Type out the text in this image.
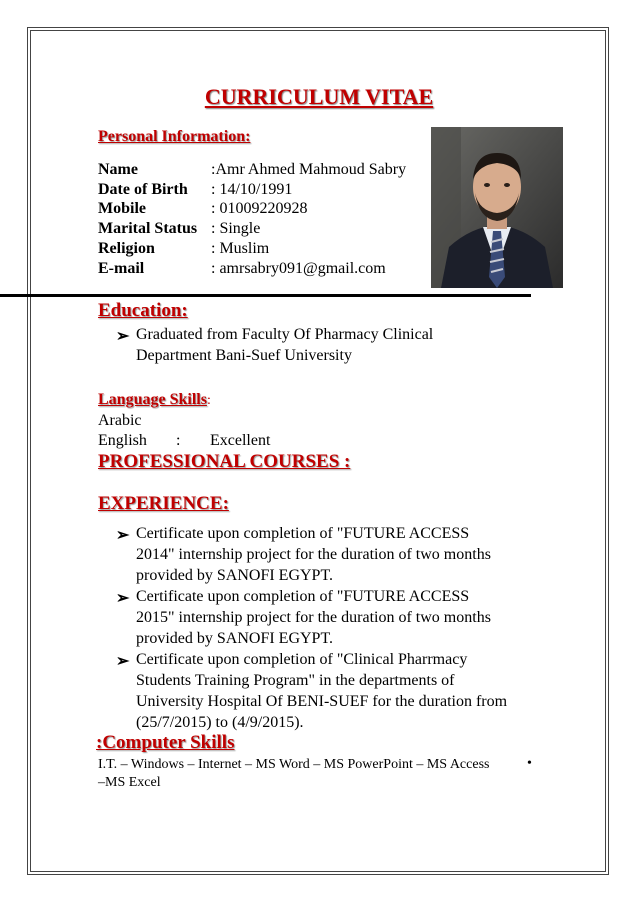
CURRICULUM VITAE
Personal Information:
Name	:Amr Ahmed Mahmoud Sabry
Date of Birth : 14/10/1991
Mobile	: 01009220928
Marital Status : Single
Religion	: Muslim
E-mail	: amrsabry091@gmail.com
Education:
➢ Graduated from Faculty Of Pharmacy Clinical
Department Bani-Suef University
Language Skills:
Arabic
English : Excellent
PROFESSIONAL COURSES :
EXPERIENCE:
➢ Certificate upon completion of "FUTURE ACCESS
2014" internship project for the duration of two months
provided by SANOFI EGYPT.
➢ Certificate upon completion of "FUTURE ACCESS
2015" internship project for the duration of two months
provided by SANOFI EGYPT.
➢ Certificate upon completion of "Clinical Pharrmacy
Students Training Program" in the departments of
University Hospital Of BENI-SUEF for the duration from
(25/7/2015) to (4/9/2015).
:Computer Skills
I.T. – Windows – Internet – MS Word – MS PowerPoint – MS Access	•
–MS Excel
